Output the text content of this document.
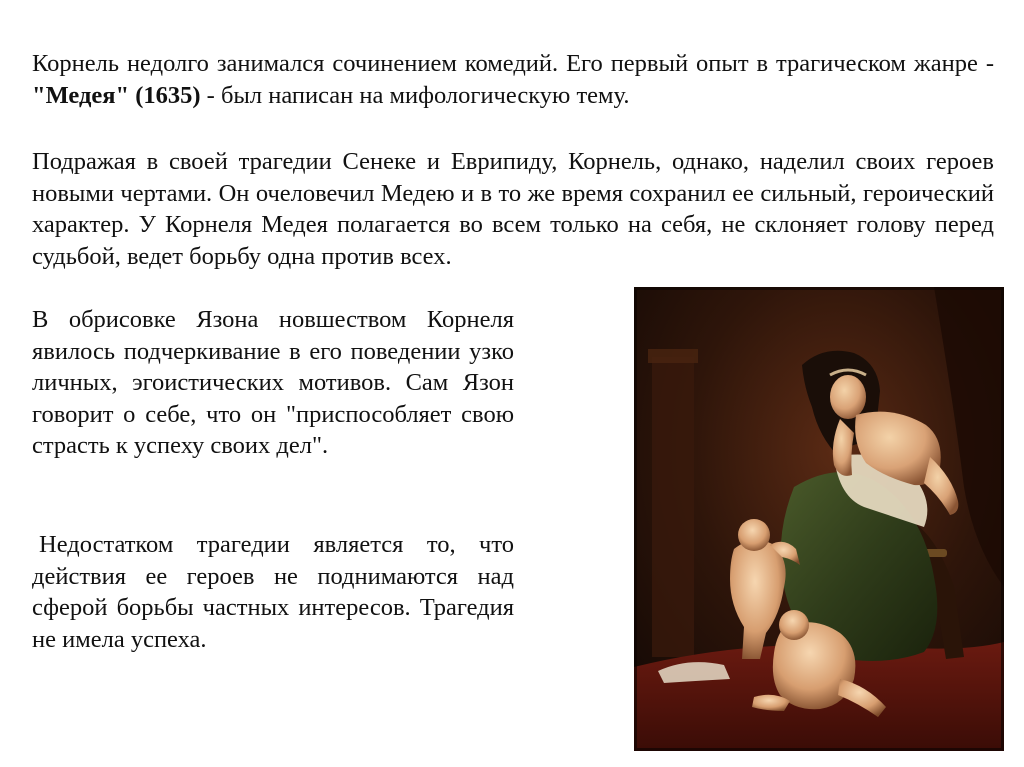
Корнель недолго занимался сочинением комедий. Его первый опыт в трагическом жанре - "Медея" (1635) - был написан на мифологическую тему.

Подражая в своей трагедии Сенеке и Еврипиду, Корнель, однако, наделил своих героев новыми чертами. Он очеловечил Медею и в то же время сохранил ее сильный, героический характер. У Корнеля Медея полагается во всем только на себя, не склоняет голову перед судьбой, ведет борьбу одна против всех.

В обрисовке Язона новшеством Корнеля явилось подчеркивание в его поведении узко личных, эгоистических мотивов. Сам Язон говорит о себе, что он "приспособляет свою страсть к успеху своих дел".

Недостатком трагедии является то, что действия ее героев не поднимаются над сферой борьбы частных интересов. Трагедия не имела успеха.
